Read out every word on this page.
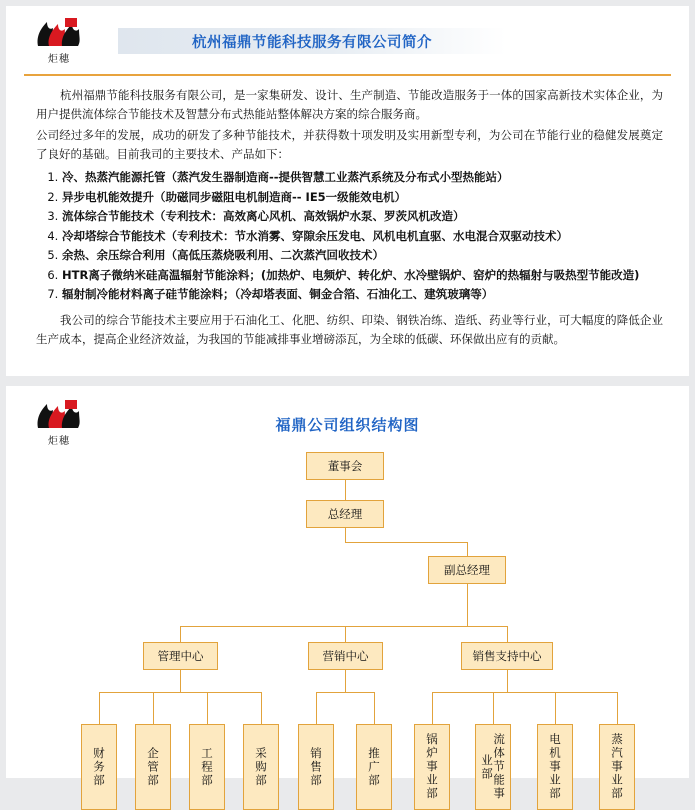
炬穗
杭州福鼎节能科技服务有限公司简介

杭州福鼎节能科技服务有限公司，是一家集研发、设计、生产制造、节能改造服务于一体的国家高新技术实体企业，为用户提供流体综合节能技术及智慧分布式热能站整体解决方案的综合服务商。

公司经过多年的发展，成功的研发了多种节能技术，并获得数十项发明及实用新型专利，为公司在节能行业的稳健发展奠定了良好的基础。目前我司的主要技术、产品如下：

1. 冷、热蒸汽能源托管（蒸汽发生器制造商--提供智慧工业蒸汽系统及分布式小型热能站）
2. 异步电机能效提升（助磁同步磁阻电机制造商-- IE5一级能效电机）
3. 流体综合节能技术（专利技术：高效离心风机、高效锅炉水泵、罗茨风机改造）
4. 冷却塔综合节能技术（专利技术：节水消雾、穿隙余压发电、风机电机直驱、水电混合双驱动技术）
5. 余热、余压综合利用（高低压蒸烧吸利用、二次蒸汽回收技术）
6. HTR离子微纳米硅高温辐射节能涂料；(加热炉、电频炉、转化炉、水冷壁锅炉、窑炉的热辐射与吸热型节能改造)
7. 辐射制冷能材料离子硅节能涂料；（冷却塔表面、铜金合箔、石油化工、建筑玻璃等）

我公司的综合节能技术主要应用于石油化工、化肥、纺织、印染、钢铁冶练、造纸、药业等行业，可大幅度的降低企业生产成本，提高企业经济效益，为我国的节能减排事业增磅添瓦，为全球的低碳、环保做出应有的贡献。

炬穗
福鼎公司组织结构图
董事会
总经理
副总经理
管理中心	营销中心	销售支持中心
财务部	企管部	工程部	采购部	销售部	推广部	锅炉事业部	流体节能事业部	电机事业部	蒸汽事业部
